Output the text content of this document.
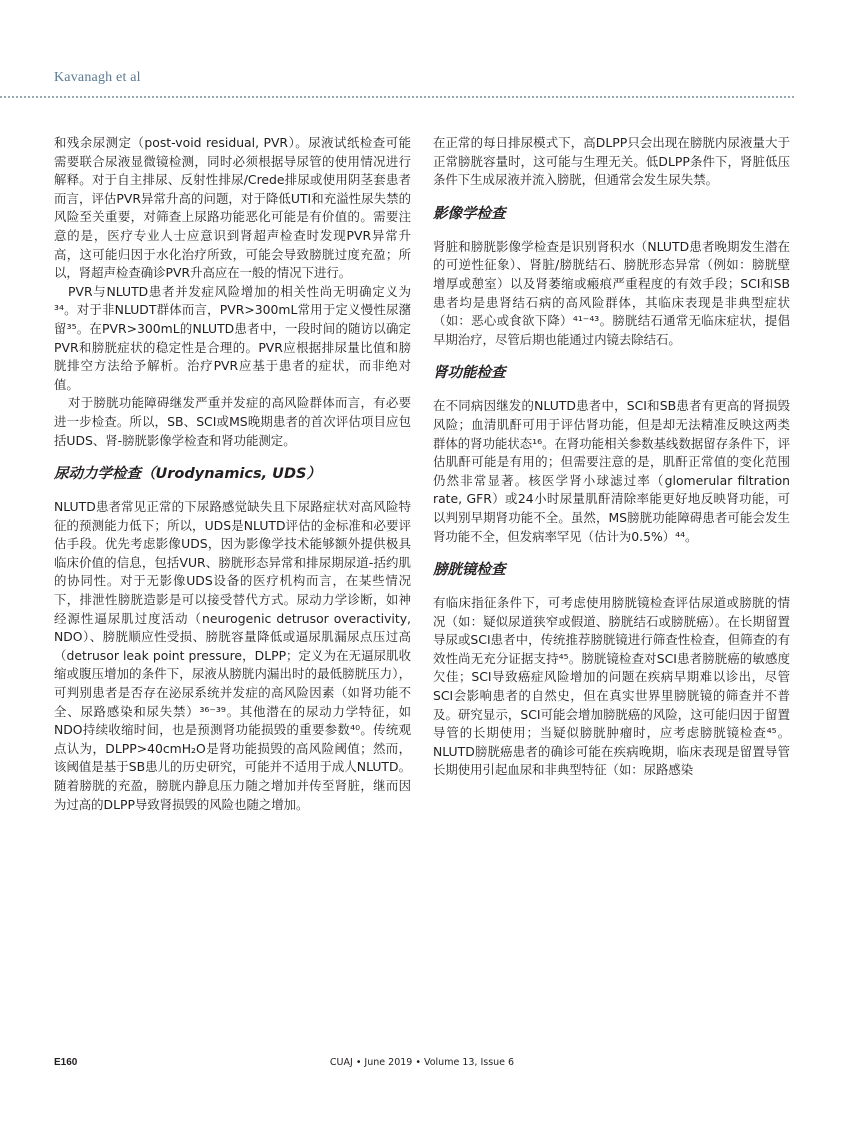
Kavanagh et al

和残余尿测定（post-void residual, PVR）。尿液试纸检查可能需要联合尿液显微镜检测，同时必须根据导尿管的使用情况进行解释。对于自主排尿、反射性排尿/Crede排尿或使用阴茎套患者而言，评估PVR异常升高的问题，对于降低UTI和充溢性尿失禁的风险至关重要，对筛查上尿路功能恶化可能是有价值的。需要注意的是，医疗专业人士应意识到肾超声检查时发现PVR异常升高，这可能归因于水化治疗所致，可能会导致膀胱过度充盈；所以，肾超声检查确诊PVR升高应在一般的情况下进行。

PVR与NLUTD患者并发症风险增加的相关性尚无明确定义为³⁴。对于非NLUDT群体而言，PVR>300mL常用于定义慢性尿潴留³⁵。在PVR>300mL的NLUTD患者中，一段时间的随访以确定PVR和膀胱症状的稳定性是合理的。PVR应根据排尿量比值和膀胱排空方法给予解析。治疗PVR应基于患者的症状，而非绝对值。

对于膀胱功能障碍继发严重并发症的高风险群体而言，有必要进一步检查。所以，SB、SCI或MS晚期患者的首次评估项目应包括UDS、肾-膀胱影像学检查和肾功能测定。

尿动力学检查（Urodynamics, UDS）

NLUTD患者常见正常的下尿路感觉缺失且下尿路症状对高风险特征的预测能力低下；所以，UDS是NLUTD评估的金标准和必要评估手段。优先考虑影像UDS，因为影像学技术能够额外提供极具临床价值的信息，包括VUR、膀胱形态异常和排尿期尿道-括约肌的协同性。对于无影像UDS设备的医疗机构而言，在某些情况下，排泄性膀胱造影是可以接受替代方式。尿动力学诊断，如神经源性逼尿肌过度活动（neurogenic detrusor overactivity, NDO）、膀胱顺应性受损、膀胱容量降低或逼尿肌漏尿点压过高（detrusor leak point pressure，DLPP；定义为在无逼尿肌收缩或腹压增加的条件下，尿液从膀胱内漏出时的最低膀胱压力），可判别患者是否存在泌尿系统并发症的高风险因素（如肾功能不全、尿路感染和尿失禁）³⁶⁻³⁹。其他潜在的尿动力学特征，如NDO持续收缩时间，也是预测肾功能损毁的重要参数⁴⁰。传统观点认为，DLPP>40cmH₂O是肾功能损毁的高风险阈值；然而，该阈值是基于SB患儿的历史研究，可能并不适用于成人NLUTD。随着膀胱的充盈，膀胱内静息压力随之增加并传至肾脏，继而因为过高的DLPP导致肾损毁的风险也随之增加。

在正常的每日排尿模式下，高DLPP只会出现在膀胱内尿液量大于正常膀胱容量时，这可能与生理无关。低DLPP条件下，肾脏低压条件下生成尿液并流入膀胱，但通常会发生尿失禁。

影像学检查

肾脏和膀胱影像学检查是识别肾积水（NLUTD患者晚期发生潜在的可逆性征象）、肾脏/膀胱结石、膀胱形态异常（例如：膀胱壁增厚或憩室）以及肾萎缩或瘢痕严重程度的有效手段；SCI和SB患者均是患肾结石病的高风险群体，其临床表现是非典型症状（如：恶心或食欲下降）⁴¹⁻⁴³。膀胱结石通常无临床症状，提倡早期治疗，尽管后期也能通过内镜去除结石。

肾功能检查

在不同病因继发的NLUTD患者中，SCI和SB患者有更高的肾损毁风险；血清肌酐可用于评估肾功能，但是却无法精准反映这两类群体的肾功能状态¹⁶。在肾功能相关参数基线数据留存条件下，评估肌酐可能是有用的；但需要注意的是，肌酐正常值的变化范围仍然非常显著。核医学肾小球滤过率（glomerular filtration rate, GFR）或24小时尿量肌酐清除率能更好地反映肾功能，可以判别早期肾功能不全。虽然，MS膀胱功能障碍患者可能会发生肾功能不全，但发病率罕见（估计为0.5%）⁴⁴。

膀胱镜检查

有临床指征条件下，可考虑使用膀胱镜检查评估尿道或膀胱的情况（如：疑似尿道狭窄或假道、膀胱结石或膀胱癌）。在长期留置导尿或SCI患者中，传统推荐膀胱镜进行筛查性检查，但筛查的有效性尚无充分证据支持⁴⁵。膀胱镜检查对SCI患者膀胱癌的敏感度欠佳；SCI导致癌症风险增加的问题在疾病早期难以诊出，尽管SCI会影响患者的自然史，但在真实世界里膀胱镜的筛查并不普及。研究显示，SCI可能会增加膀胱癌的风险，这可能归因于留置导管的长期使用；当疑似膀胱肿瘤时，应考虑膀胱镜检查⁴⁵。NLUTD膀胱癌患者的确诊可能在疾病晚期，临床表现是留置导管长期使用引起血尿和非典型特征（如：尿路感染

E160	CUAJ • June 2019 • Volume 13, Issue 6
